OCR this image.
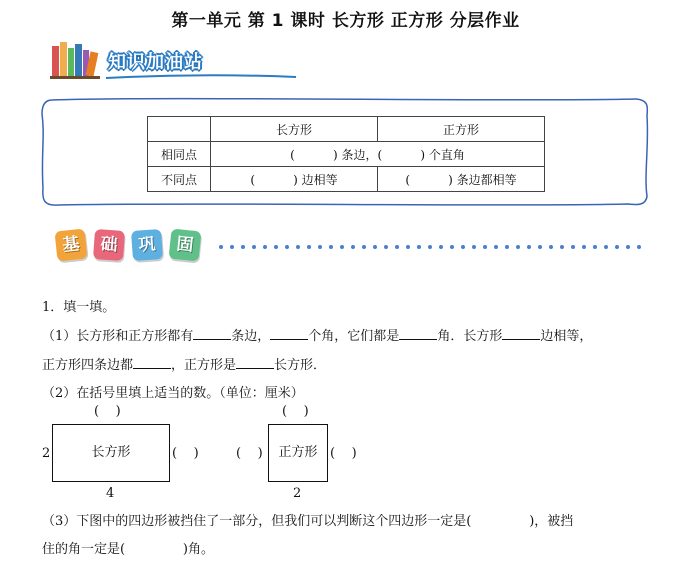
第一单元 第 1 课时 长方形 正方形 分层作业
知识加油站
	长方形	正方形
相同点	(          ) 条边，(          ) 个直角	
不同点	(          ) 边相等	(          ) 条边都相等
基	础	巩	固
1．填一填。
（1）长方形和正方形都有	条边，	个角，它们都是	角．长方形	边相等，
正方形四条边都	，正方形是	长方形．
（2）在括号里填上适当的数。（单位：厘米）
(    )
2	长方形	(    )
4
(    )
(    )	正方形 (    )
2
（3）下图中的四边形被挡住了一部分，但我们可以判断这个四边形一定是(              )，被挡
住的角一定是(              )角。
